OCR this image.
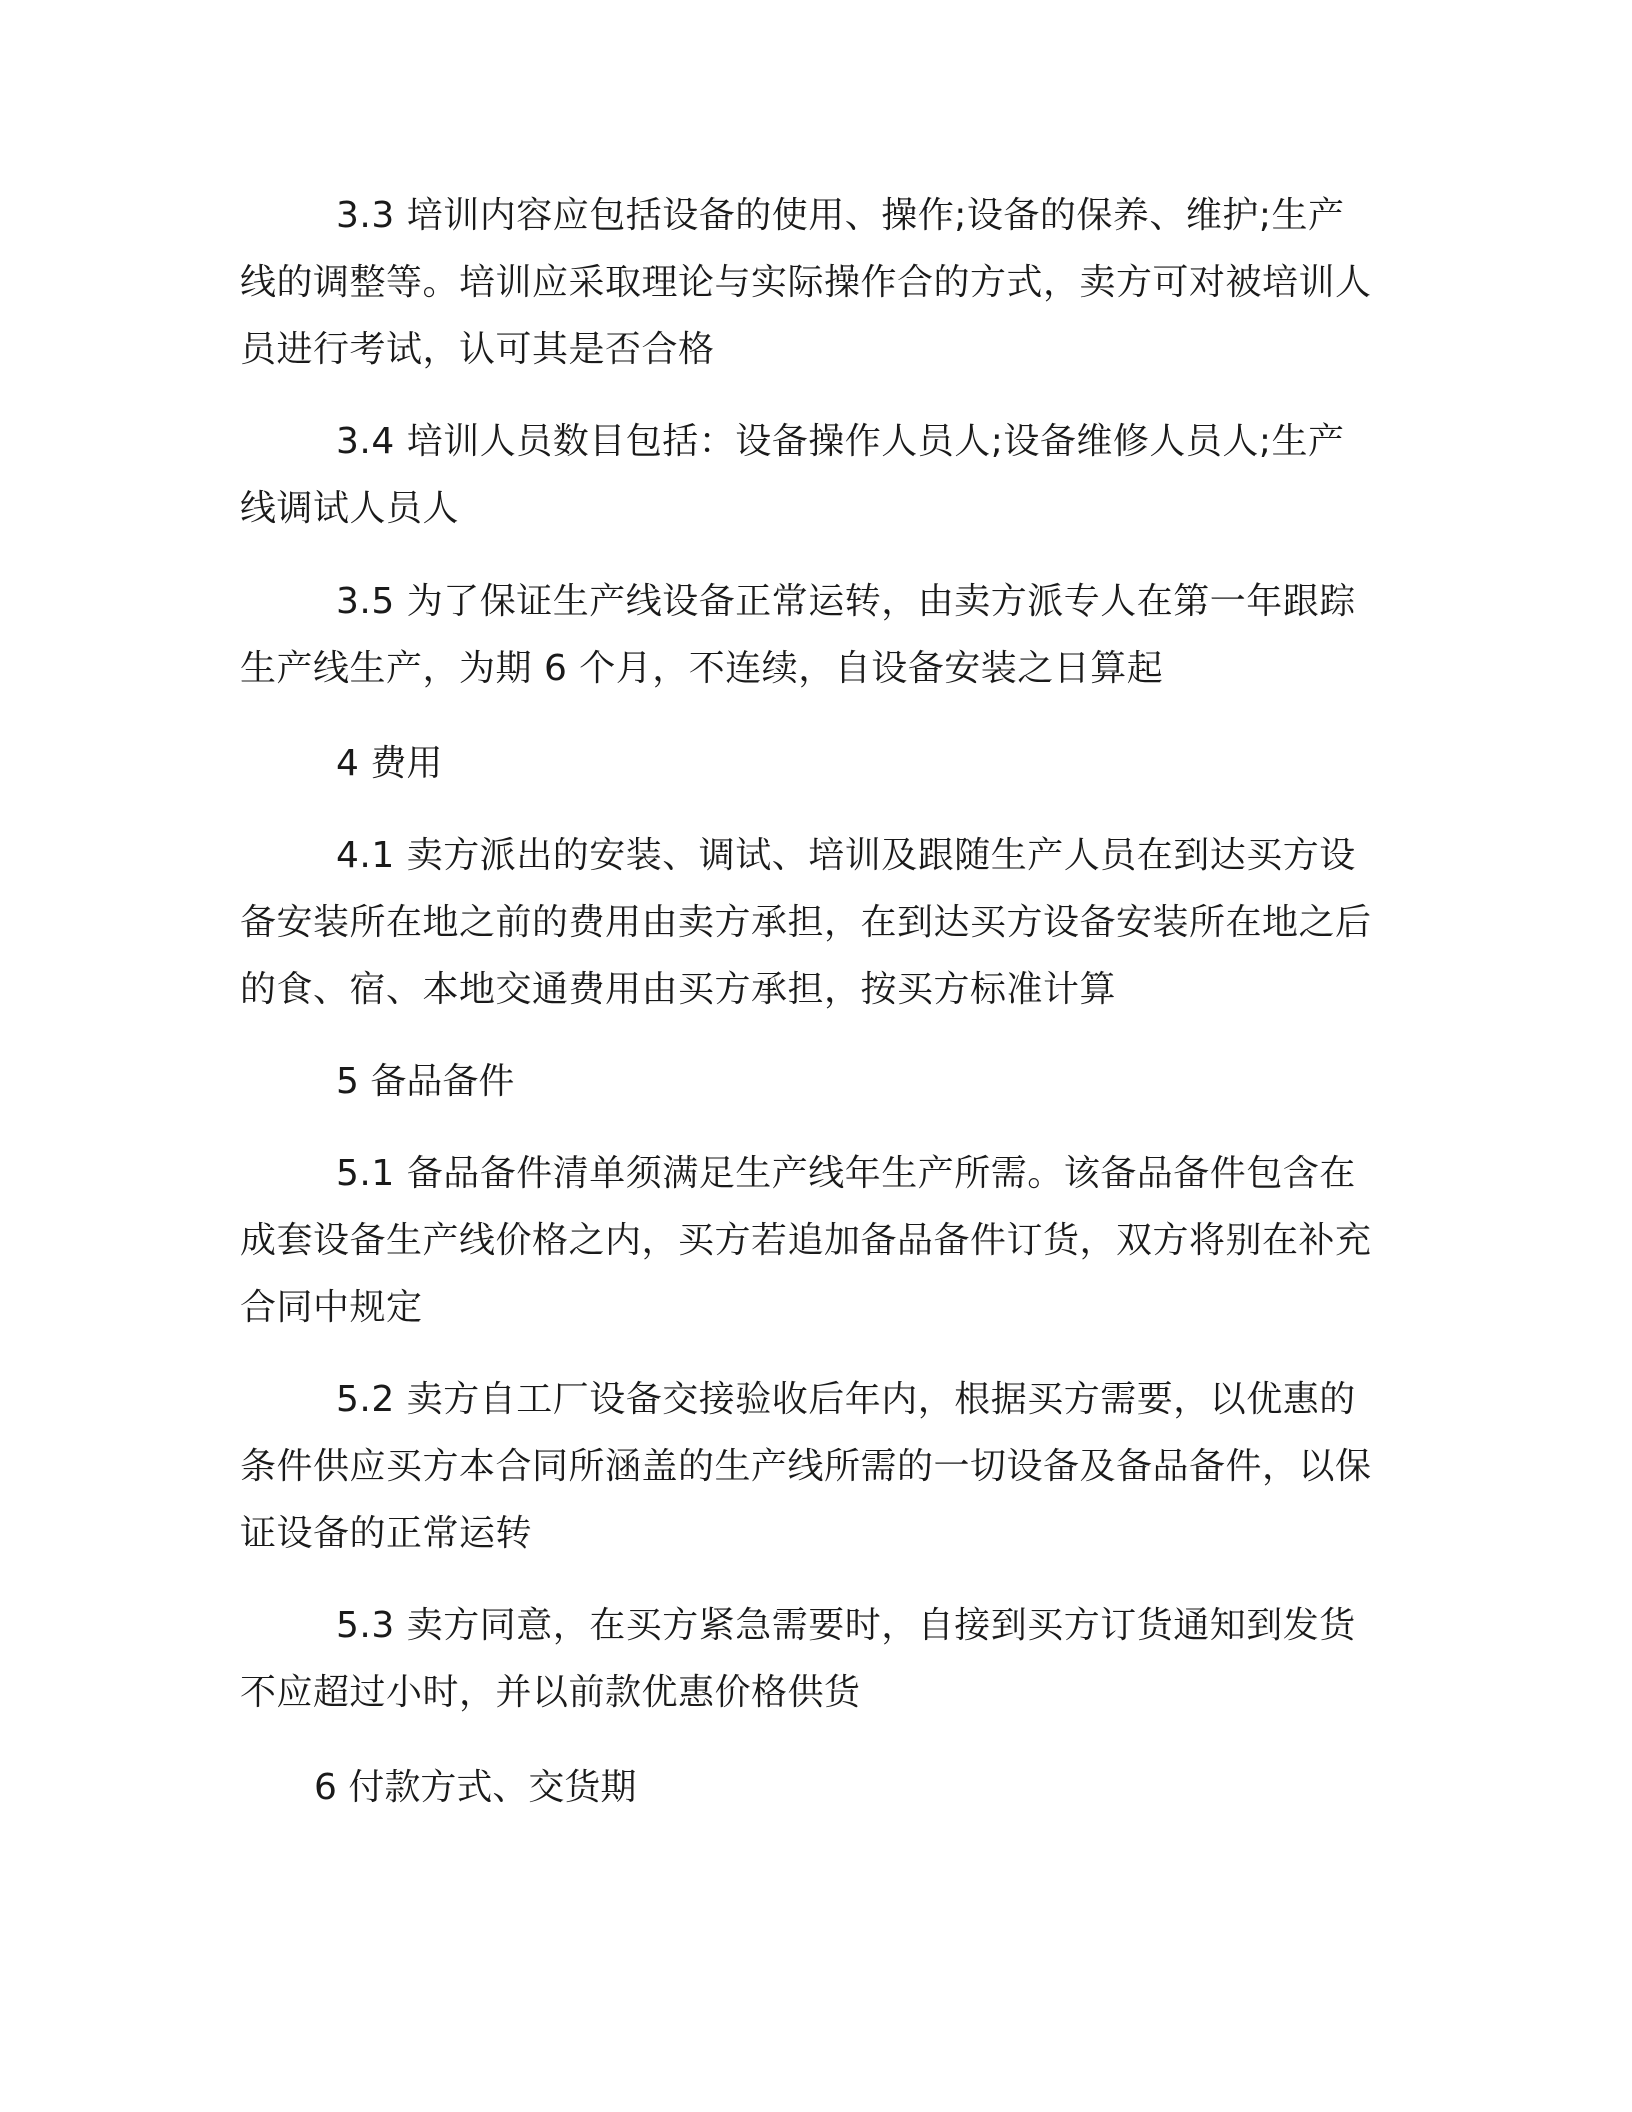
3.3 培训内容应包括设备的使用、操作;设备的保养、维护;生产线的调整等。培训应采取理论与实际操作合的方式，卖方可对被培训人员进行考试，认可其是否合格

3.4 培训人员数目包括：设备操作人员人;设备维修人员人;生产线调试人员人

3.5 为了保证生产线设备正常运转，由卖方派专人在第一年跟踪生产线生产，为期 6 个月，不连续，自设备安装之日算起

4 费用

4.1 卖方派出的安装、调试、培训及跟随生产人员在到达买方设备安装所在地之前的费用由卖方承担，在到达买方设备安装所在地之后的食、宿、本地交通费用由买方承担，按买方标准计算

5 备品备件

5.1 备品备件清单须满足生产线年生产所需。该备品备件包含在成套设备生产线价格之内，买方若追加备品备件订货，双方将别在补充合同中规定

5.2 卖方自工厂设备交接验收后年内，根据买方需要，以优惠的条件供应买方本合同所涵盖的生产线所需的一切设备及备品备件，以保证设备的正常运转

5.3 卖方同意，在买方紧急需要时，自接到买方订货通知到发货不应超过小时，并以前款优惠价格供货

6 付款方式、交货期
